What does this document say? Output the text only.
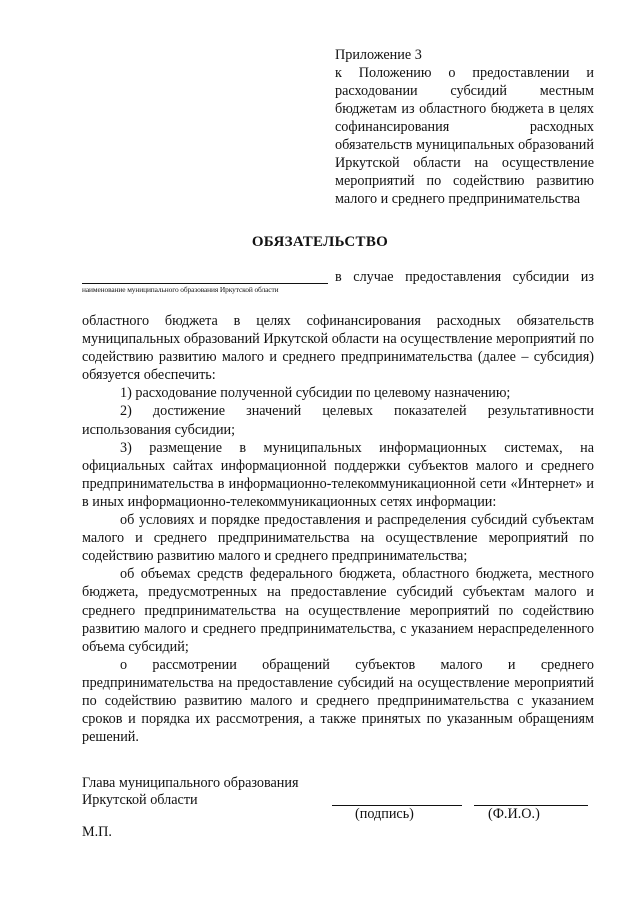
Приложение 3
к Положению о предоставлении и расходовании субсидий местным бюджетам из областного бюджета в целях софинансирования расходных обязательств муниципальных образований Иркутской области на осуществление мероприятий по содействию развитию малого и среднего предпринимательства
ОБЯЗАТЕЛЬСТВО
наименование муниципального образования Иркутской области
в случае предоставления субсидии из

областного бюджета в целях софинансирования расходных обязательств муниципальных образований Иркутской области на осуществление мероприятий по содействию развитию малого и среднего предпринимательства (далее – субсидия) обязуется обеспечить:

1) расходование полученной субсидии по целевому назначению;

2) достижение значений целевых показателей результативности использования субсидии;

3) размещение в муниципальных информационных системах, на официальных сайтах информационной поддержки субъектов малого и среднего предпринимательства в информационно-телекоммуникационной сети «Интернет» и в иных информационно-телекоммуникационных сетях информации:

об условиях и порядке предоставления и распределения субсидий субъектам малого и среднего предпринимательства на осуществление мероприятий по содействию развитию малого и среднего предпринимательства;

об объемах средств федерального бюджета, областного бюджета, местного бюджета, предусмотренных на предоставление субсидий субъектам малого и среднего предпринимательства на осуществление мероприятий по содействию развитию малого и среднего предпринимательства, с указанием нераспределенного объема субсидий;

о рассмотрении обращений субъектов малого и среднего предпринимательства на предоставление субсидий на осуществление мероприятий по содействию развитию малого и среднего предпринимательства с указанием сроков и порядка их рассмотрения, а также принятых по указанным обращениям решений.

Глава муниципального образования
Иркутской области
(подпись)	(Ф.И.О.)
М.П.
